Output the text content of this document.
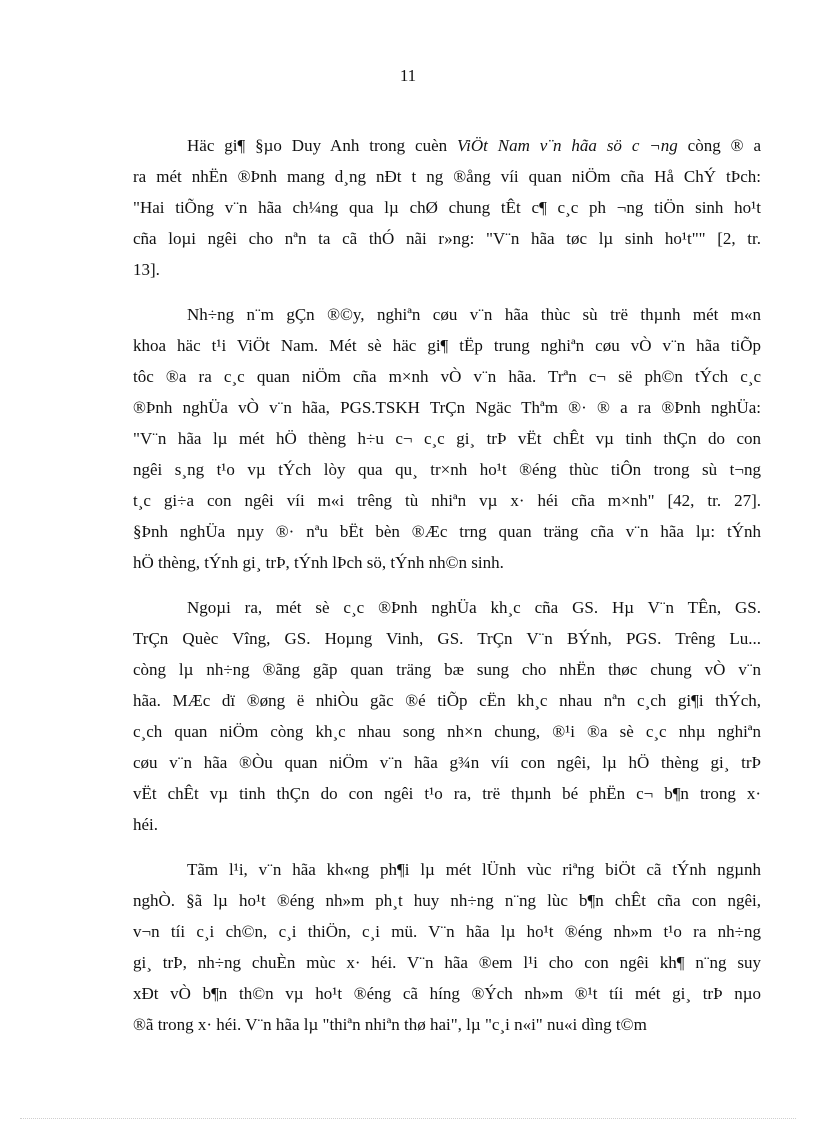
11
Häc gi¶ §µo Duy Anh trong cuèn ViÖt Nam v¨n hãa sö c ¬ng còng ® a
ra mét nhËn ®Þnh mang d¸ng nÐt t ng ®ång víi quan niÖm cña Hå ChÝ tÞch:
"Hai tiÕng v¨n hãa ch¼ng qua lµ chØ chung tÊt c¶ c¸c ph ¬ng tiÖn sinh ho¹t
cña loµi ngêi cho nªn ta cã thÓ nãi r»ng: "V¨n hãa tøc lµ sinh ho¹t"" [2, tr.
13].
Nh÷ng n¨m gÇn ®©y, nghiªn cøu v¨n hãa thùc sù trë thµnh mét m«n
khoa häc t¹i ViÖt Nam. Mét sè häc gi¶ tËp trung nghiªn cøu vÒ v¨n hãa tiÕp
tôc ®a ra c¸c quan niÖm cña m×nh vÒ v¨n hãa. Trªn c¬ së ph©n tÝch c¸c
®Þnh nghÜa vÒ v¨n hãa, PGS.TSKH TrÇn Ngäc Thªm ®· ® a ra ®Þnh nghÜa:
"V¨n hãa lµ mét hÖ thèng h÷u c¬ c¸c gi¸ trÞ vËt chÊt vµ tinh thÇn do con
ngêi s¸ng t¹o vµ tÝch lòy qua qu¸ tr×nh ho¹t ®éng thùc tiÔn trong sù t¬ng
t¸c gi÷a con ngêi víi m«i trêng tù nhiªn vµ x· héi cña m×nh" [42, tr. 27].
§Þnh nghÜa nµy ®· nªu bËt bèn ®Æc trng quan träng cña v¨n hãa lµ: tÝnh
hÖ thèng, tÝnh gi¸ trÞ, tÝnh lÞch sö, tÝnh nh©n sinh.
Ngoµi ra, mét sè c¸c ®Þnh nghÜa kh¸c cña GS. Hµ V¨n TÊn, GS.
TrÇn Quèc Vîng, GS. Hoµng Vinh, GS. TrÇn V¨n BÝnh, PGS. Trêng Lu...
còng lµ nh÷ng ®ãng gãp quan träng bæ sung cho nhËn thøc chung vÒ v¨n
hãa. MÆc dï ®øng ë nhiÒu gãc ®é tiÕp cËn kh¸c nhau nªn c¸ch gi¶i thÝch,
c¸ch quan niÖm còng kh¸c nhau song nh×n chung, ®¹i ®a sè c¸c nhµ nghiªn
cøu v¨n hãa ®Òu quan niÖm v¨n hãa g¾n víi con ngêi, lµ hÖ thèng gi¸ trÞ
vËt chÊt vµ tinh thÇn do con ngêi t¹o ra, trë thµnh bé phËn c¬ b¶n trong x·
héi.
Tãm l¹i, v¨n hãa kh«ng ph¶i lµ mét lÜnh vùc riªng biÖt cã tÝnh ngµnh
nghÒ. §ã lµ ho¹t ®éng nh»m ph¸t huy nh÷ng n¨ng lùc b¶n chÊt cña con ngêi,
v¬n tíi c¸i ch©n, c¸i thiÖn, c¸i mü. V¨n hãa lµ ho¹t ®éng nh»m t¹o ra nh÷ng
gi¸ trÞ, nh÷ng chuÈn mùc x· héi. V¨n hãa ®em l¹i cho con ngêi kh¶ n¨ng suy
xÐt vÒ b¶n th©n vµ ho¹t ®éng cã híng ®Ých nh»m ®¹t tíi mét gi¸ trÞ nµo
®ã trong x· héi. V¨n hãa lµ "thiªn nhiªn thø hai", lµ "c¸i n«i" nu«i dìng t©m
